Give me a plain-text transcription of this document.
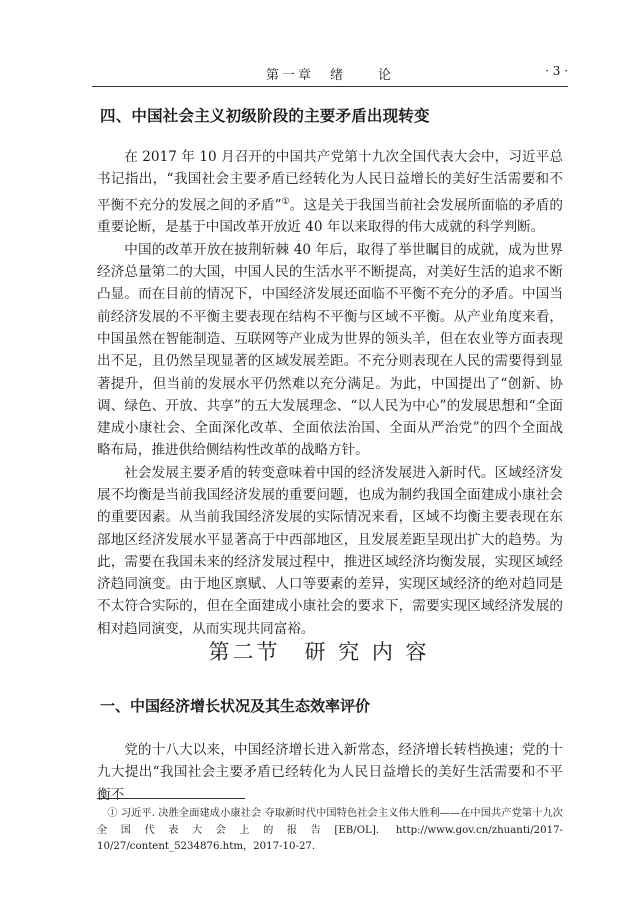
第一章　绪　　论	· 3 ·
四、中国社会主义初级阶段的主要矛盾出现转变

在 2017 年 10 月召开的中国共产党第十九次全国代表大会中，习近平总书记指出，“我国社会主要矛盾已经转化为人民日益增长的美好生活需要和不平衡不充分的发展之间的矛盾”①。这是关于我国当前社会发展所面临的矛盾的重要论断，是基于中国改革开放近 40 年以来取得的伟大成就的科学判断。

中国的改革开放在披荆斩棘 40 年后，取得了举世瞩目的成就，成为世界经济总量第二的大国，中国人民的生活水平不断提高，对美好生活的追求不断凸显。而在目前的情况下，中国经济发展还面临不平衡不充分的矛盾。中国当前经济发展的不平衡主要表现在结构不平衡与区域不平衡。从产业角度来看，中国虽然在智能制造、互联网等产业成为世界的领头羊，但在农业等方面表现出不足，且仍然呈现显著的区域发展差距。不充分则表现在人民的需要得到显著提升，但当前的发展水平仍然难以充分满足。为此，中国提出了“创新、协调、绿色、开放、共享”的五大发展理念、“以人民为中心”的发展思想和“全面建成小康社会、全面深化改革、全面依法治国、全面从严治党”的四个全面战略布局，推进供给侧结构性改革的战略方针。

社会发展主要矛盾的转变意味着中国的经济发展进入新时代。区域经济发展不均衡是当前我国经济发展的重要问题，也成为制约我国全面建成小康社会的重要因素。从当前我国经济发展的实际情况来看，区域不均衡主要表现在东部地区经济发展水平显著高于中西部地区，且发展差距呈现出扩大的趋势。为此，需要在我国未来的经济发展过程中，推进区域经济均衡发展，实现区域经济趋同演变。由于地区禀赋、人口等要素的差异，实现区域经济的绝对趋同是不太符合实际的，但在全面建成小康社会的要求下，需要实现区域经济发展的相对趋同演变，从而实现共同富裕。

第二节　研 究 内 容
一、中国经济增长状况及其生态效率评价

党的十八大以来，中国经济增长进入新常态，经济增长转档换速；党的十九大提出“我国社会主要矛盾已经转化为人民日益增长的美好生活需要和不平衡不

① 习近平. 决胜全面建成小康社会 夺取新时代中国特色社会主义伟大胜利——在中国共产党第十九次全国代表大会上的报告[EB/OL]. http://www.gov.cn/zhuanti/2017-10/27/content_5234876.htm，2017-10-27.
